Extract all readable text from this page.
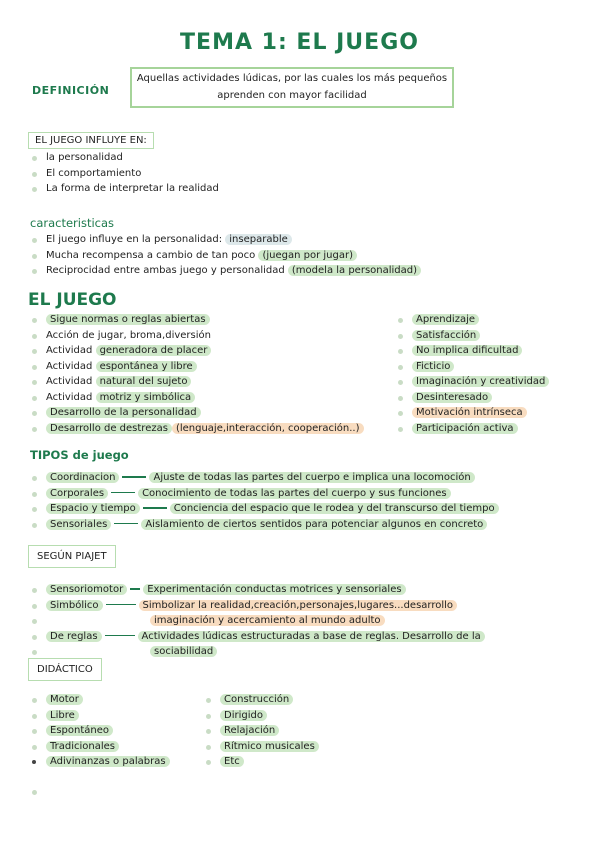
TEMA 1: EL JUEGO
DEFINICIÓN
Aquellas actividades lúdicas, por las cuales los más pequeños
aprenden con mayor facilidad
EL JUEGO INFLUYE EN:
la personalidad
El comportamiento
La forma de interpretar la realidad
caracteristicas
El juego influye en la personalidad: inseparable
Mucha recompensa a cambio de tan poco (juegan por jugar)
Reciprocidad entre ambas juego y personalidad (modela la personalidad)
EL JUEGO
Sigue normas o reglas abiertas
Acción de jugar, broma,diversión
Actividad generadora de placer
Actividad espontánea y libre
Actividad natural del sujeto
Actividad motriz y simbólica
Desarrollo de la personalidad
Desarrollo de destrezas (lenguaje,interacción, cooperación..)
Aprendizaje
Satisfacción
No implica dificultad
Ficticio
Imaginación y creatividad
Desinteresado
Motivación intrínseca
Participación activa
TIPOS de juego
Coordinacion	Ajuste de todas las partes del cuerpo e implica una locomoción
Corporales	Conocimiento de todas las partes del cuerpo y sus funciones
Espacio y tiempo	Conciencia del espacio que le rodea y del transcurso del tiempo
Sensoriales	Aislamiento de ciertos sentidos para potenciar algunos en concreto
SEGÚN PIAJET
Sensoriomotor Experimentación conductas motrices y sensoriales
Simbólico	Simbolizar la realidad,creación,personajes,lugares...desarrollo
imaginación y acercamiento al mundo adulto
De reglas	Actividades lúdicas estructuradas a base de reglas. Desarrollo de la
sociabilidad
DIDÁCTICO
Motor
Libre
Espontáneo
Tradicionales
Adivinanzas o palabras
Construcción
Dirigido
Relajación
Rítmico musicales
Etc
